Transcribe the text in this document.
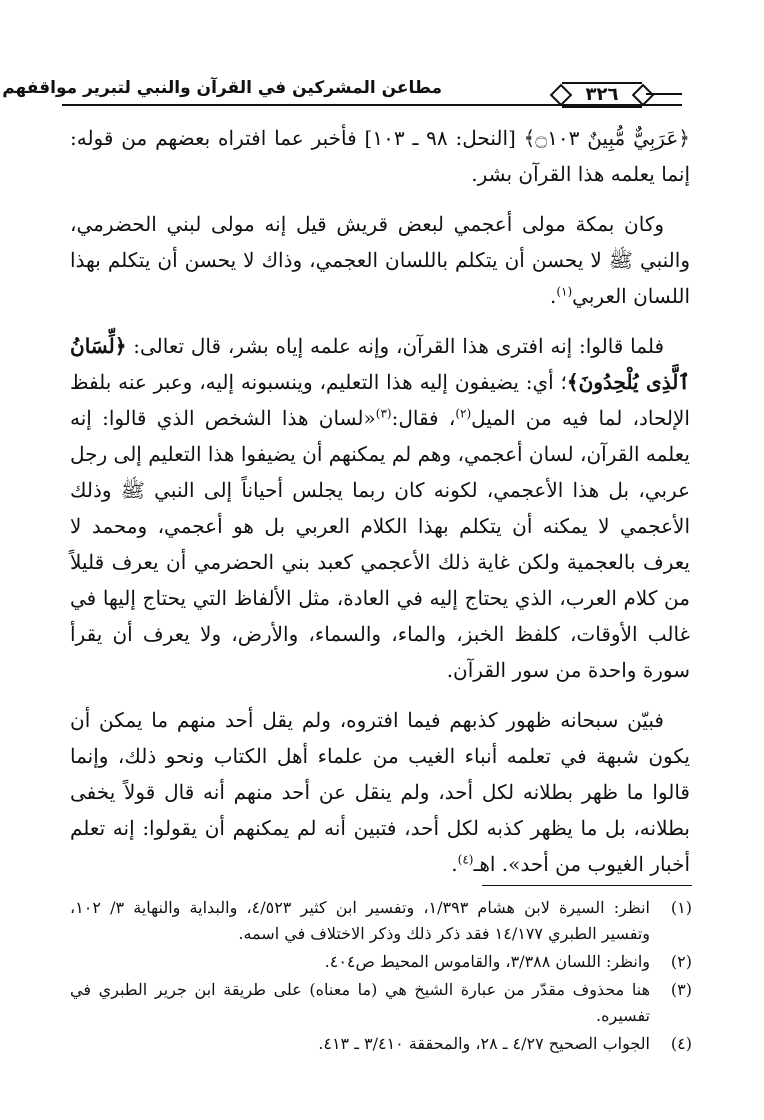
مطاعن المشركين في القرآن والنبي لتبرير مواقفهم	٣٢٦

﴿عَرَبِيٌّ مُّبِينٌ ۝١٠٣﴾ [النحل: ٩٨ ـ ١٠٣] فأخبر عما افتراه بعضهم من قوله: إنما يعلمه هذا القرآن بشر.

وكان بمكة مولى أعجمي لبعض قريش قيل إنه مولى لبني الحضرمي، والنبي ﷺ لا يحسن أن يتكلم باللسان العجمي، وذاك لا يحسن أن يتكلم بهذا اللسان العربي$^{(١)}$.

فلما قالوا: إنه افترى هذا القرآن، وإنه علمه إياه بشر، قال تعالى: ﴿لِّسَانُ ٱلَّذِى يُلْحِدُونَ﴾؛ أي: يضيفون إليه هذا التعليم، وينسبونه إليه، وعبر عنه بلفظ الإلحاد، لما فيه من الميل$^{(٢)}$، فقال:$^{(٣)}$«لسان هذا الشخص الذي قالوا: إنه يعلمه القرآن، لسان أعجمي، وهم لم يمكنهم أن يضيفوا هذا التعليم إلى رجل عربي، بل هذا الأعجمي، لكونه كان ربما يجلس أحياناً إلى النبي ﷺ وذلك الأعجمي لا يمكنه أن يتكلم بهذا الكلام العربي بل هو أعجمي، ومحمد لا يعرف بالعجمية ولكن غاية ذلك الأعجمي كعبد بني الحضرمي أن يعرف قليلاً من كلام العرب، الذي يحتاج إليه في العادة، مثل الألفاظ التي يحتاج إليها في غالب الأوقات، كلفظ الخبز، والماء، والسماء، والأرض، ولا يعرف أن يقرأ سورة واحدة من سور القرآن.

فبيّن سبحانه ظهور كذبهم فيما افتروه، ولم يقل أحد منهم ما يمكن أن يكون شبهة في تعلمه أنباء الغيب من علماء أهل الكتاب ونحو ذلك، وإنما قالوا ما ظهر بطلانه لكل أحد، ولم ينقل عن أحد منهم أنه قال قولاً يخفى بطلانه، بل ما يظهر كذبه لكل أحد، فتبين أنه لم يمكنهم أن يقولوا: إنه تعلم أخبار الغيوب من أحد». اهـ$^{(٤)}$.

(١)
انظر: السيرة لابن هشام ١/٣٩٣، وتفسير ابن كثير ٤/٥٢٣، والبداية والنهاية ٣/ ١٠٢، وتفسير الطبري ١٤/١٧٧ فقد ذكر ذلك وذكر الاختلاف في اسمه.
(٢)
وانظر: اللسان ٣/٣٨٨، والقاموس المحيط ص٤٠٤.
(٣)
هنا محذوف مقدّر من عبارة الشيخ هي (ما معناه) على طريقة ابن جرير الطبري في تفسيره.
(٤)
الجواب الصحيح ٤/٢٧ ـ ٢٨، والمحققة ٣/٤١٠ ـ ٤١٣.
